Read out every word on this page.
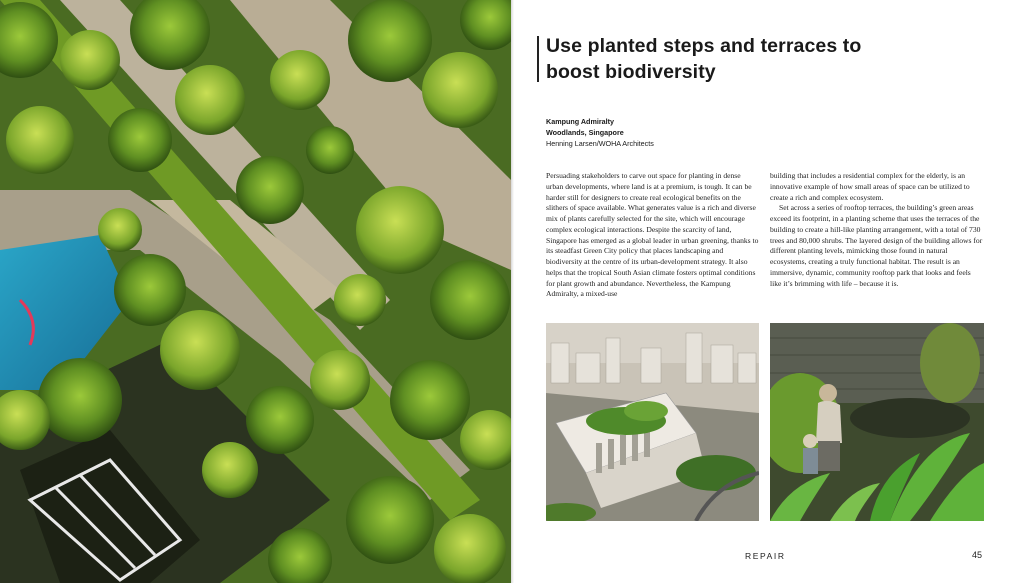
Use planted steps and terraces to boost biodiversity
Kampung Admiralty
Woodlands, Singapore
Henning Larsen/WOHA Architects

Persuading stakeholders to carve out space for planting in dense urban developments, where land is at a premium, is tough. It can be harder still for designers to create real ecological benefits on the slithers of space available. What generates value is a rich and diverse mix of plants carefully selected for the site, which will encourage complex ecological interactions. Despite the scarcity of land, Singapore has emerged as a global leader in urban greening, thanks to its steadfast Green City policy that places landscaping and biodiversity at the centre of its urban-development strategy. It also helps that the tropical South Asian climate fosters optimal conditions for plant growth and abundance. Nevertheless, the Kampung Admiralty, a mixed-use

building that includes a residential complex for the elderly, is an innovative example of how small areas of space can be utilized to create a rich and complex ecosystem.

Set across a series of rooftop terraces, the building’s green areas exceed its footprint, in a planting scheme that uses the terraces of the building to create a hill-like planting arrangement, with a total of 730 trees and 80,000 shrubs. The layered design of the building allows for different planting levels, mimicking those found in natural ecosystems, creating a truly functional habitat. The result is an immersive, dynamic, community rooftop park that looks and feels like it’s brimming with life – because it is.

REPAIR	45
